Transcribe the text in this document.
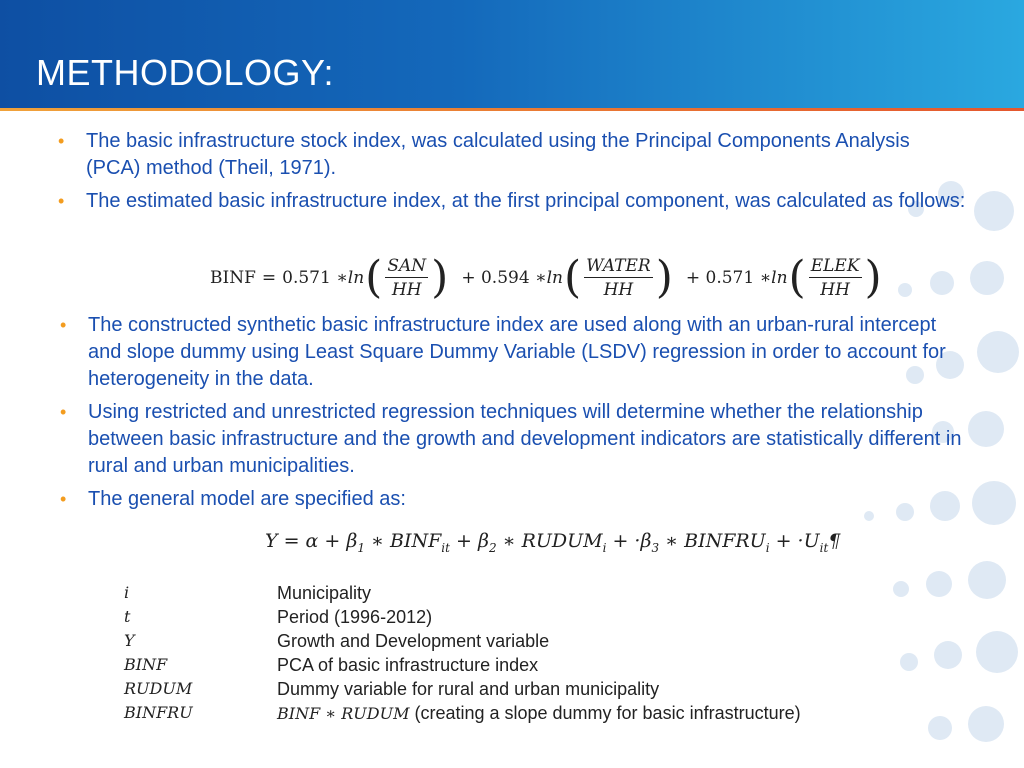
METHODOLOGY:
• The basic infrastructure stock index, was calculated using the Principal Components Analysis (PCA) method (Theil, 1971).
• The estimated basic infrastructure index, at the first principal component, was calculated as follows:
BINF = 0.571 ∗ ln ( $\frac{\text{SAN}}{HH}$ ) + 0.594 ∗ ln ( $\frac{\text{WATER}}{HH}$ ) + 0.571 ∗ ln ( $\frac{\text{ELEK}}{HH}$ )
• The constructed synthetic basic infrastructure index are used along with an urban-rural intercept and slope dummy using Least Square Dummy Variable (LSDV) regression in order to account for heterogeneity in the data.
• Using restricted and unrestricted regression techniques will determine whether the relationship between basic infrastructure and the growth and development indicators are statistically different in rural and urban municipalities.
• The general model are specified as:
$Y = \alpha + \beta_1$ ∗ $BINF_{it} + \beta_2$ ∗ $RUDUM_i + \cdot\beta_3$ ∗ $BINFRU_i$ + $\cdot U_{it}\P$
i	Municipality
t	Period (1996-2012)
Y	Growth and Development variable
BINF	PCA of basic infrastructure index
RUDUM	Dummy variable for rural and urban municipality
BINFRU	BINF ∗ RUDUM (creating a slope dummy for basic infrastructure)
